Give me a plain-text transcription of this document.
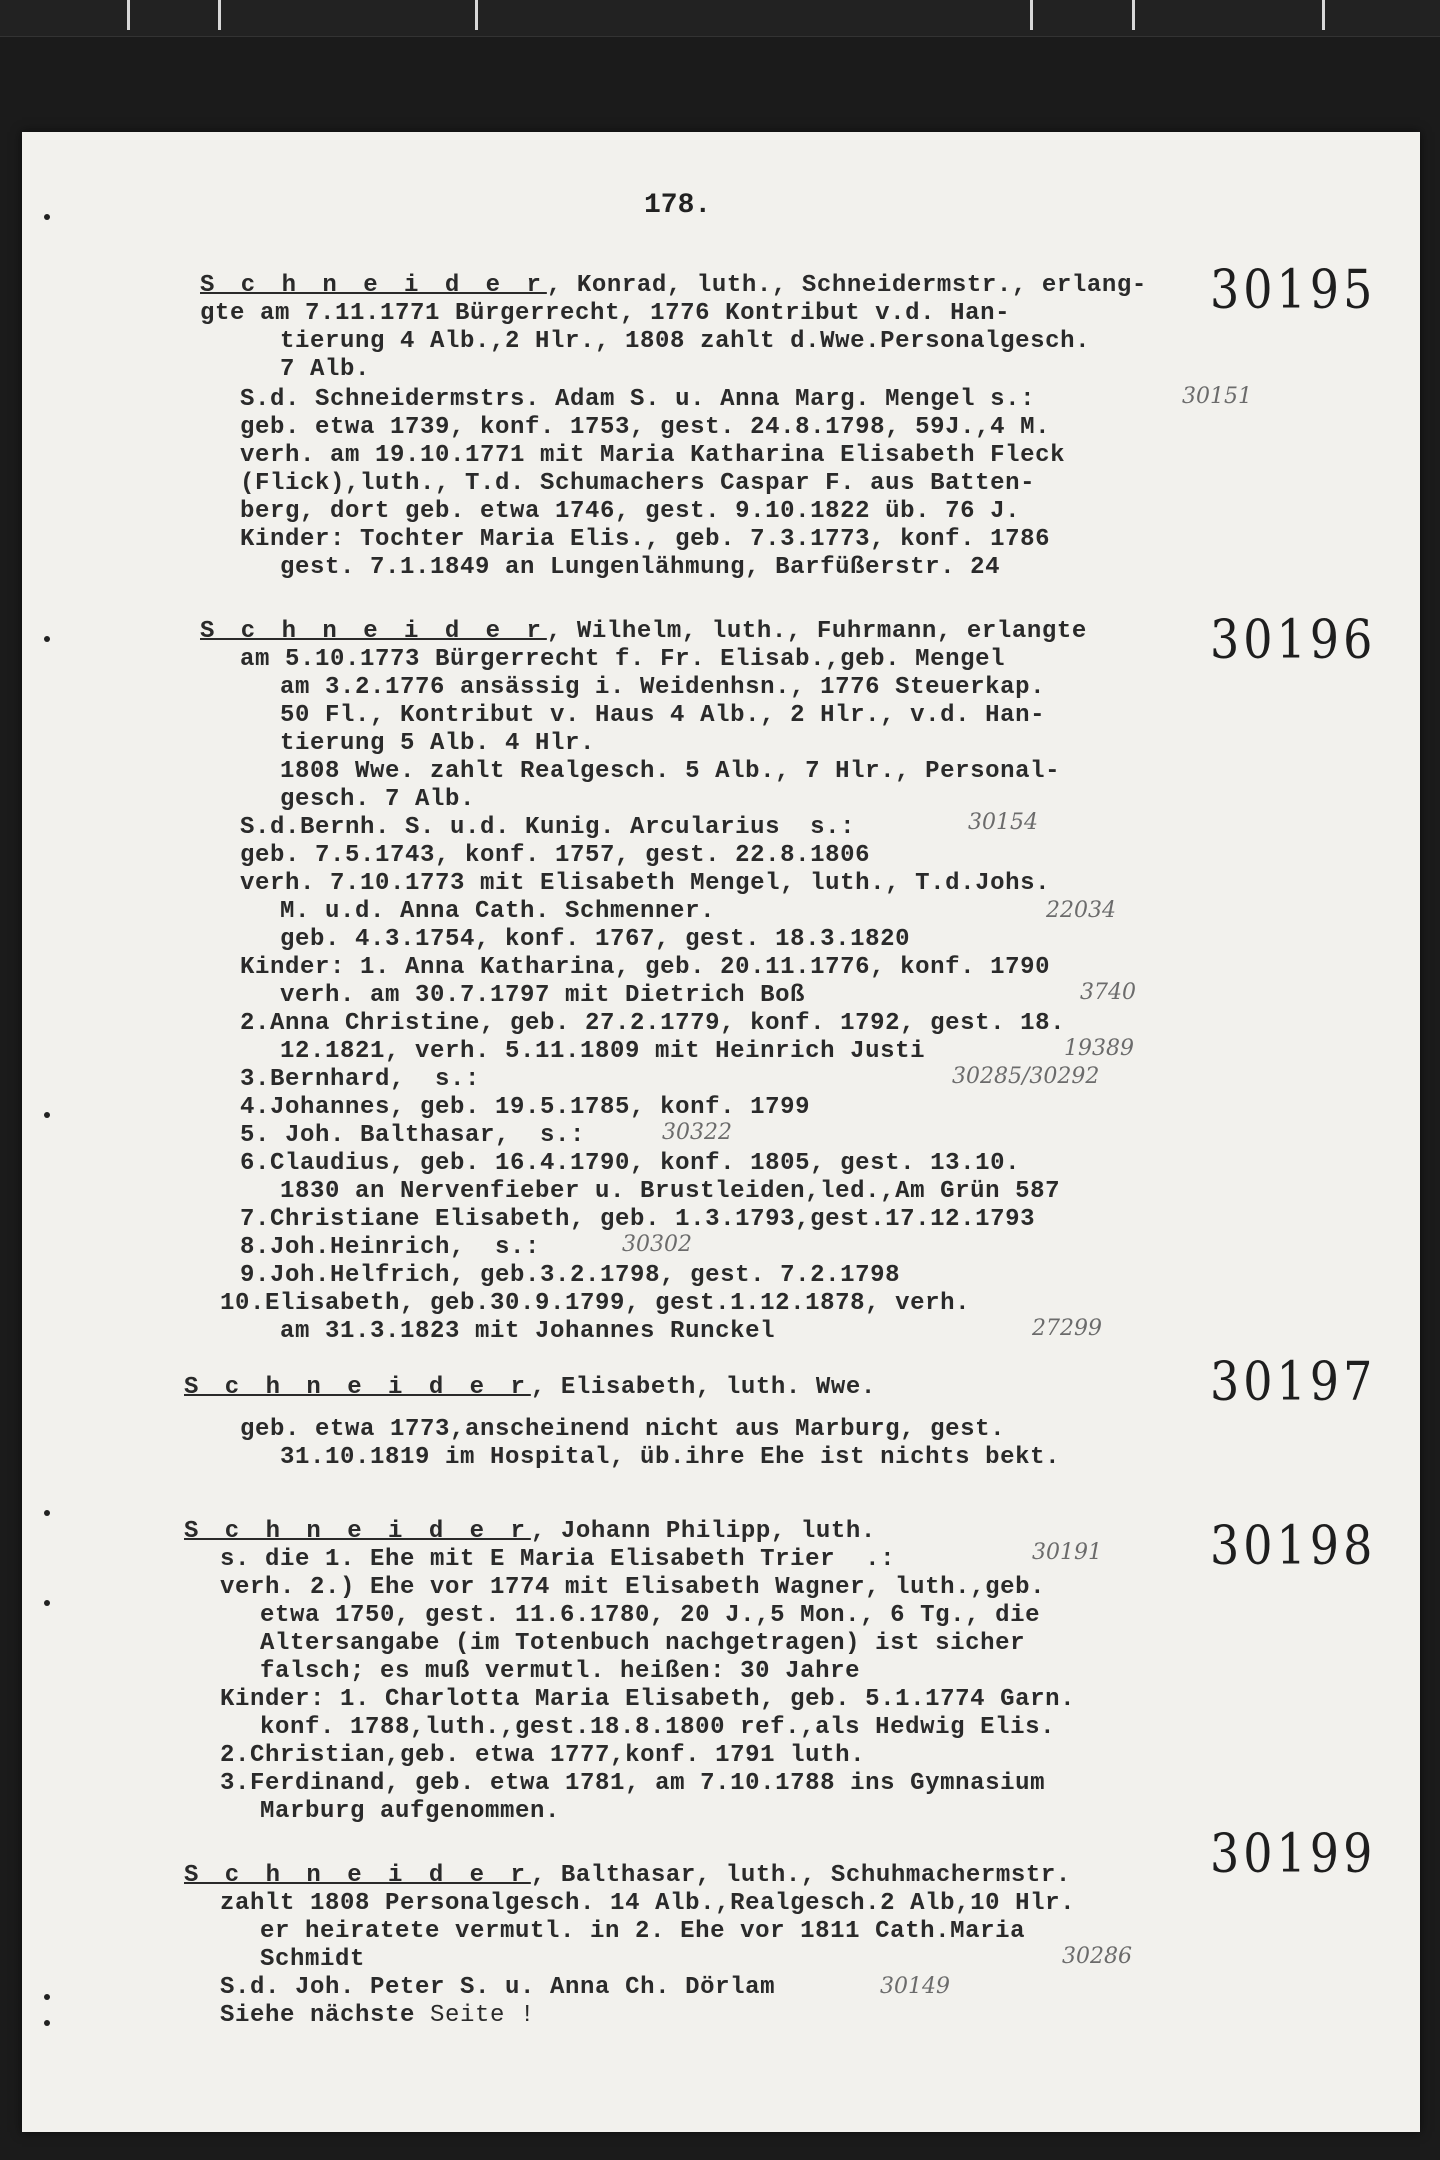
178.
30195
S c h n e i d e r, Konrad, luth., Schneidermstr., erlang-
gte am 7.11.1771 Bürgerrecht, 1776 Kontribut v.d. Han-
tierung 4 Alb.,2 Hlr., 1808 zahlt d.Wwe.Personalgesch.
7 Alb.
S.d. Schneidermstrs. Adam S. u. Anna Marg. Mengel s.:	30151
geb. etwa 1739, konf. 1753, gest. 24.8.1798, 59J.,4 M.
verh. am 19.10.1771 mit Maria Katharina Elisabeth Fleck
(Flick),luth., T.d. Schumachers Caspar F. aus Batten-
berg, dort geb. etwa 1746, gest. 9.10.1822 üb. 76 J.
Kinder: Tochter Maria Elis., geb. 7.3.1773, konf. 1786
gest. 7.1.1849 an Lungenlähmung, Barfüßerstr. 24
30196
S c h n e i d e r, Wilhelm, luth., Fuhrmann, erlangte
am 5.10.1773 Bürgerrecht f. Fr. Elisab.,geb. Mengel
am 3.2.1776 ansässig i. Weidenhsn., 1776 Steuerkap.
50 Fl., Kontribut v. Haus 4 Alb., 2 Hlr., v.d. Han-
tierung 5 Alb. 4 Hlr.
1808 Wwe. zahlt Realgesch. 5 Alb., 7 Hlr., Personal-
gesch. 7 Alb.
S.d.Bernh. S. u.d. Kunig. Arcularius  s.:	30154
geb. 7.5.1743, konf. 1757, gest. 22.8.1806
verh. 7.10.1773 mit Elisabeth Mengel, luth., T.d.Johs.
M. u.d. Anna Cath. Schmenner.	22034
geb. 4.3.1754, konf. 1767, gest. 18.3.1820
Kinder: 1. Anna Katharina, geb. 20.11.1776, konf. 1790
verh. am 30.7.1797 mit Dietrich Boß	3740
2.Anna Christine, geb. 27.2.1779, konf. 1792, gest. 18.
12.1821, verh. 5.11.1809 mit Heinrich Justi	19389
3.Bernhard,  s.:	30285/30292
4.Johannes, geb. 19.5.1785, konf. 1799
5. Joh. Balthasar,  s.:	30322
6.Claudius, geb. 16.4.1790, konf. 1805, gest. 13.10.
1830 an Nervenfieber u. Brustleiden,led.,Am Grün 587
7.Christiane Elisabeth, geb. 1.3.1793,gest.17.12.1793
8.Joh.Heinrich,  s.:	30302
9.Joh.Helfrich, geb.3.2.1798, gest. 7.2.1798
10.Elisabeth, geb.30.9.1799, gest.1.12.1878, verh.
am 31.3.1823 mit Johannes Runckel	27299
30197
S c h n e i d e r, Elisabeth, luth. Wwe.
geb. etwa 1773,anscheinend nicht aus Marburg, gest.
31.10.1819 im Hospital, üb.ihre Ehe ist nichts bekt.
30198
S c h n e i d e r, Johann Philipp, luth.
s. die 1. Ehe mit E Maria Elisabeth Trier  .:	30191
verh. 2.) Ehe vor 1774 mit Elisabeth Wagner, luth.,geb.
etwa 1750, gest. 11.6.1780, 20 J.,5 Mon., 6 Tg., die
Altersangabe (im Totenbuch nachgetragen) ist sicher
falsch; es muß vermutl. heißen: 30 Jahre
Kinder: 1. Charlotta Maria Elisabeth, geb. 5.1.1774 Garn.
konf. 1788,luth.,gest.18.8.1800 ref.,als Hedwig Elis.
2.Christian,geb. etwa 1777,konf. 1791 luth.
3.Ferdinand, geb. etwa 1781, am 7.10.1788 ins Gymnasium
Marburg aufgenommen.
30199
S c h n e i d e r, Balthasar, luth., Schuhmachermstr.
zahlt 1808 Personalgesch. 14 Alb.,Realgesch.2 Alb,10 Hlr.
er heiratete vermutl. in 2. Ehe vor 1811 Cath.Maria
Schmidt	30286
S.d. Joh. Peter S. u. Anna Ch. Dörlam	30149
Siehe nächste Seite !
